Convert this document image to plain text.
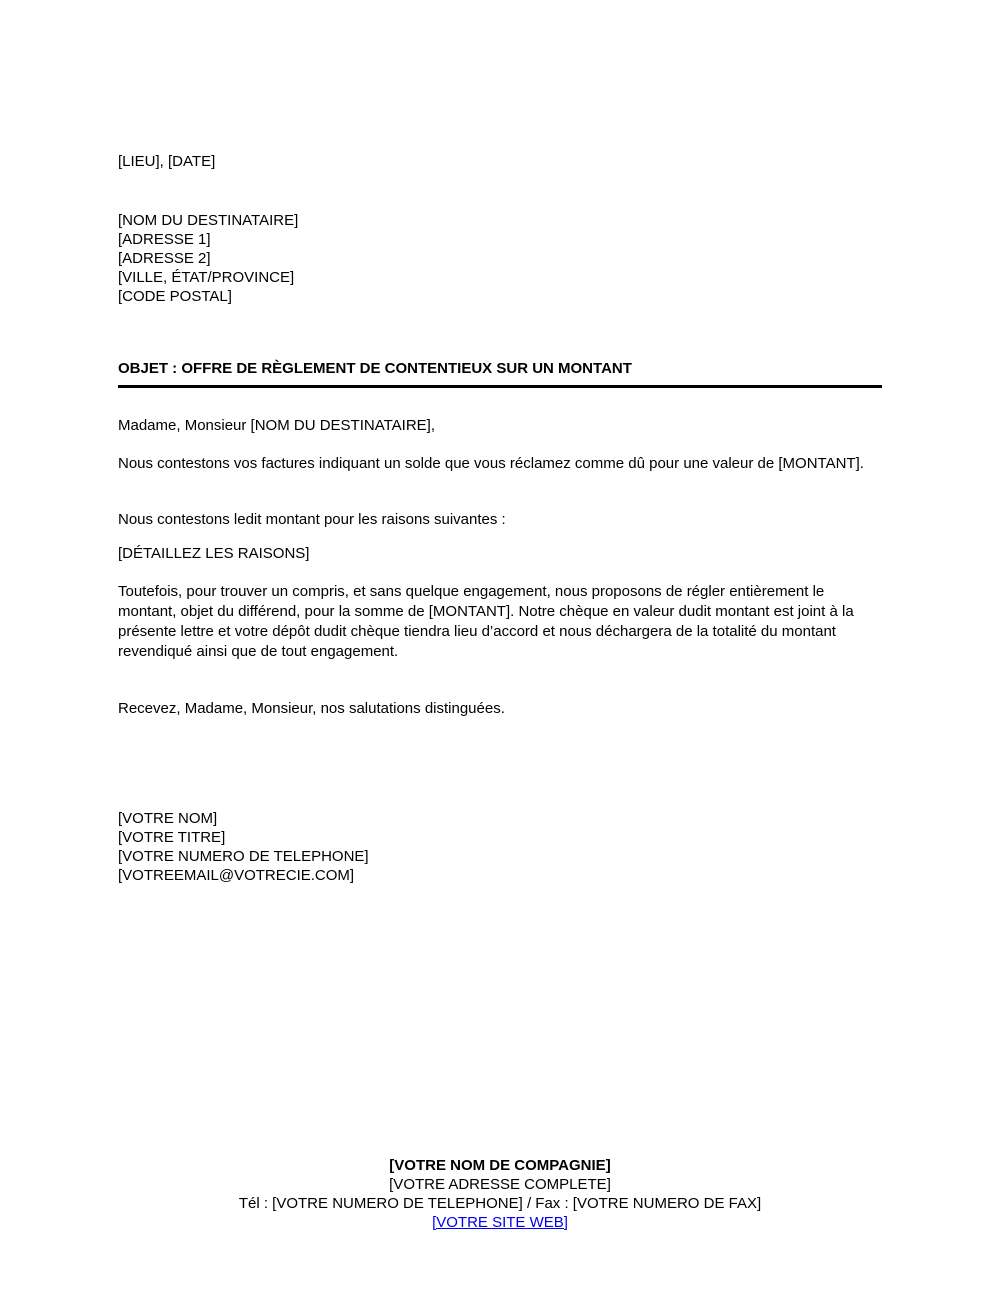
[LIEU], [DATE]
[NOM DU DESTINATAIRE]
[ADRESSE 1]
[ADRESSE 2]
[VILLE, ÉTAT/PROVINCE]
[CODE POSTAL]
OBJET : OFFRE DE RÈGLEMENT DE CONTENTIEUX SUR UN MONTANT
Madame, Monsieur [NOM DU DESTINATAIRE],
Nous contestons vos factures indiquant un solde que vous réclamez comme dû pour une valeur de [MONTANT].
Nous contestons ledit montant pour les raisons suivantes :
[DÉTAILLEZ LES RAISONS]
Toutefois, pour trouver un compris, et sans quelque engagement, nous proposons de régler entièrement le montant, objet du différend, pour la somme de [MONTANT]. Notre chèque en valeur dudit montant est joint à la présente lettre et votre dépôt dudit chèque tiendra lieu d’accord et nous déchargera de la totalité du montant revendiqué ainsi que de tout engagement.
Recevez, Madame, Monsieur, nos salutations distinguées.
[VOTRE NOM]
[VOTRE TITRE]
[VOTRE NUMERO DE TELEPHONE]
[VOTREEMAIL@VOTRECIE.COM]
[VOTRE NOM DE COMPAGNIE]
[VOTRE ADRESSE COMPLETE]
Tél : [VOTRE NUMERO DE TELEPHONE] / Fax : [VOTRE NUMERO DE FAX]
[VOTRE SITE WEB]
